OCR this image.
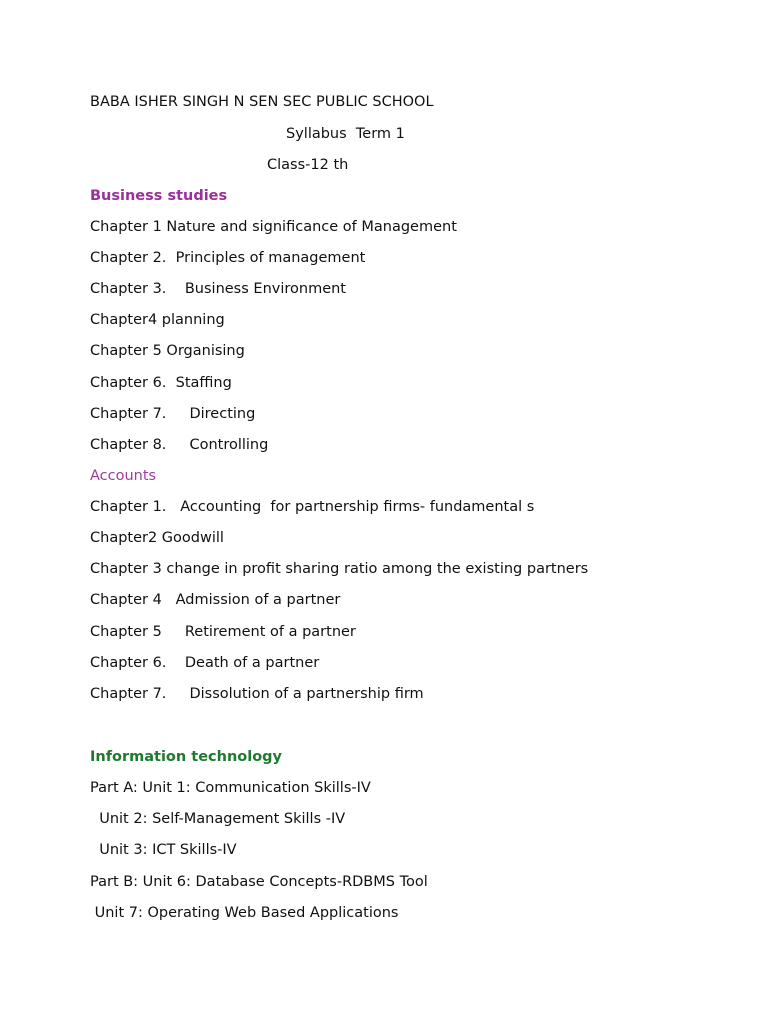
BABA ISHER SINGH N SEN SEC PUBLIC SCHOOL

Syllabus  Term 1

Class-12 th

Business studies

Chapter 1 Nature and significance of Management

Chapter 2.  Principles of management

Chapter 3.    Business Environment

Chapter4 planning

Chapter 5 Organising

Chapter 6.  Staffing

Chapter 7.     Directing

Chapter 8.     Controlling

Accounts

Chapter 1.   Accounting  for partnership firms- fundamental s

Chapter2 Goodwill

Chapter 3 change in profit sharing ratio among the existing partners

Chapter 4   Admission of a partner

Chapter 5     Retirement of a partner

Chapter 6.    Death of a partner

Chapter 7.     Dissolution of a partnership firm

Information technology

Part A: Unit 1: Communication Skills-IV

Unit 2: Self-Management Skills -IV

Unit 3: ICT Skills-IV

Part B: Unit 6: Database Concepts-RDBMS Tool

Unit 7: Operating Web Based Applications
